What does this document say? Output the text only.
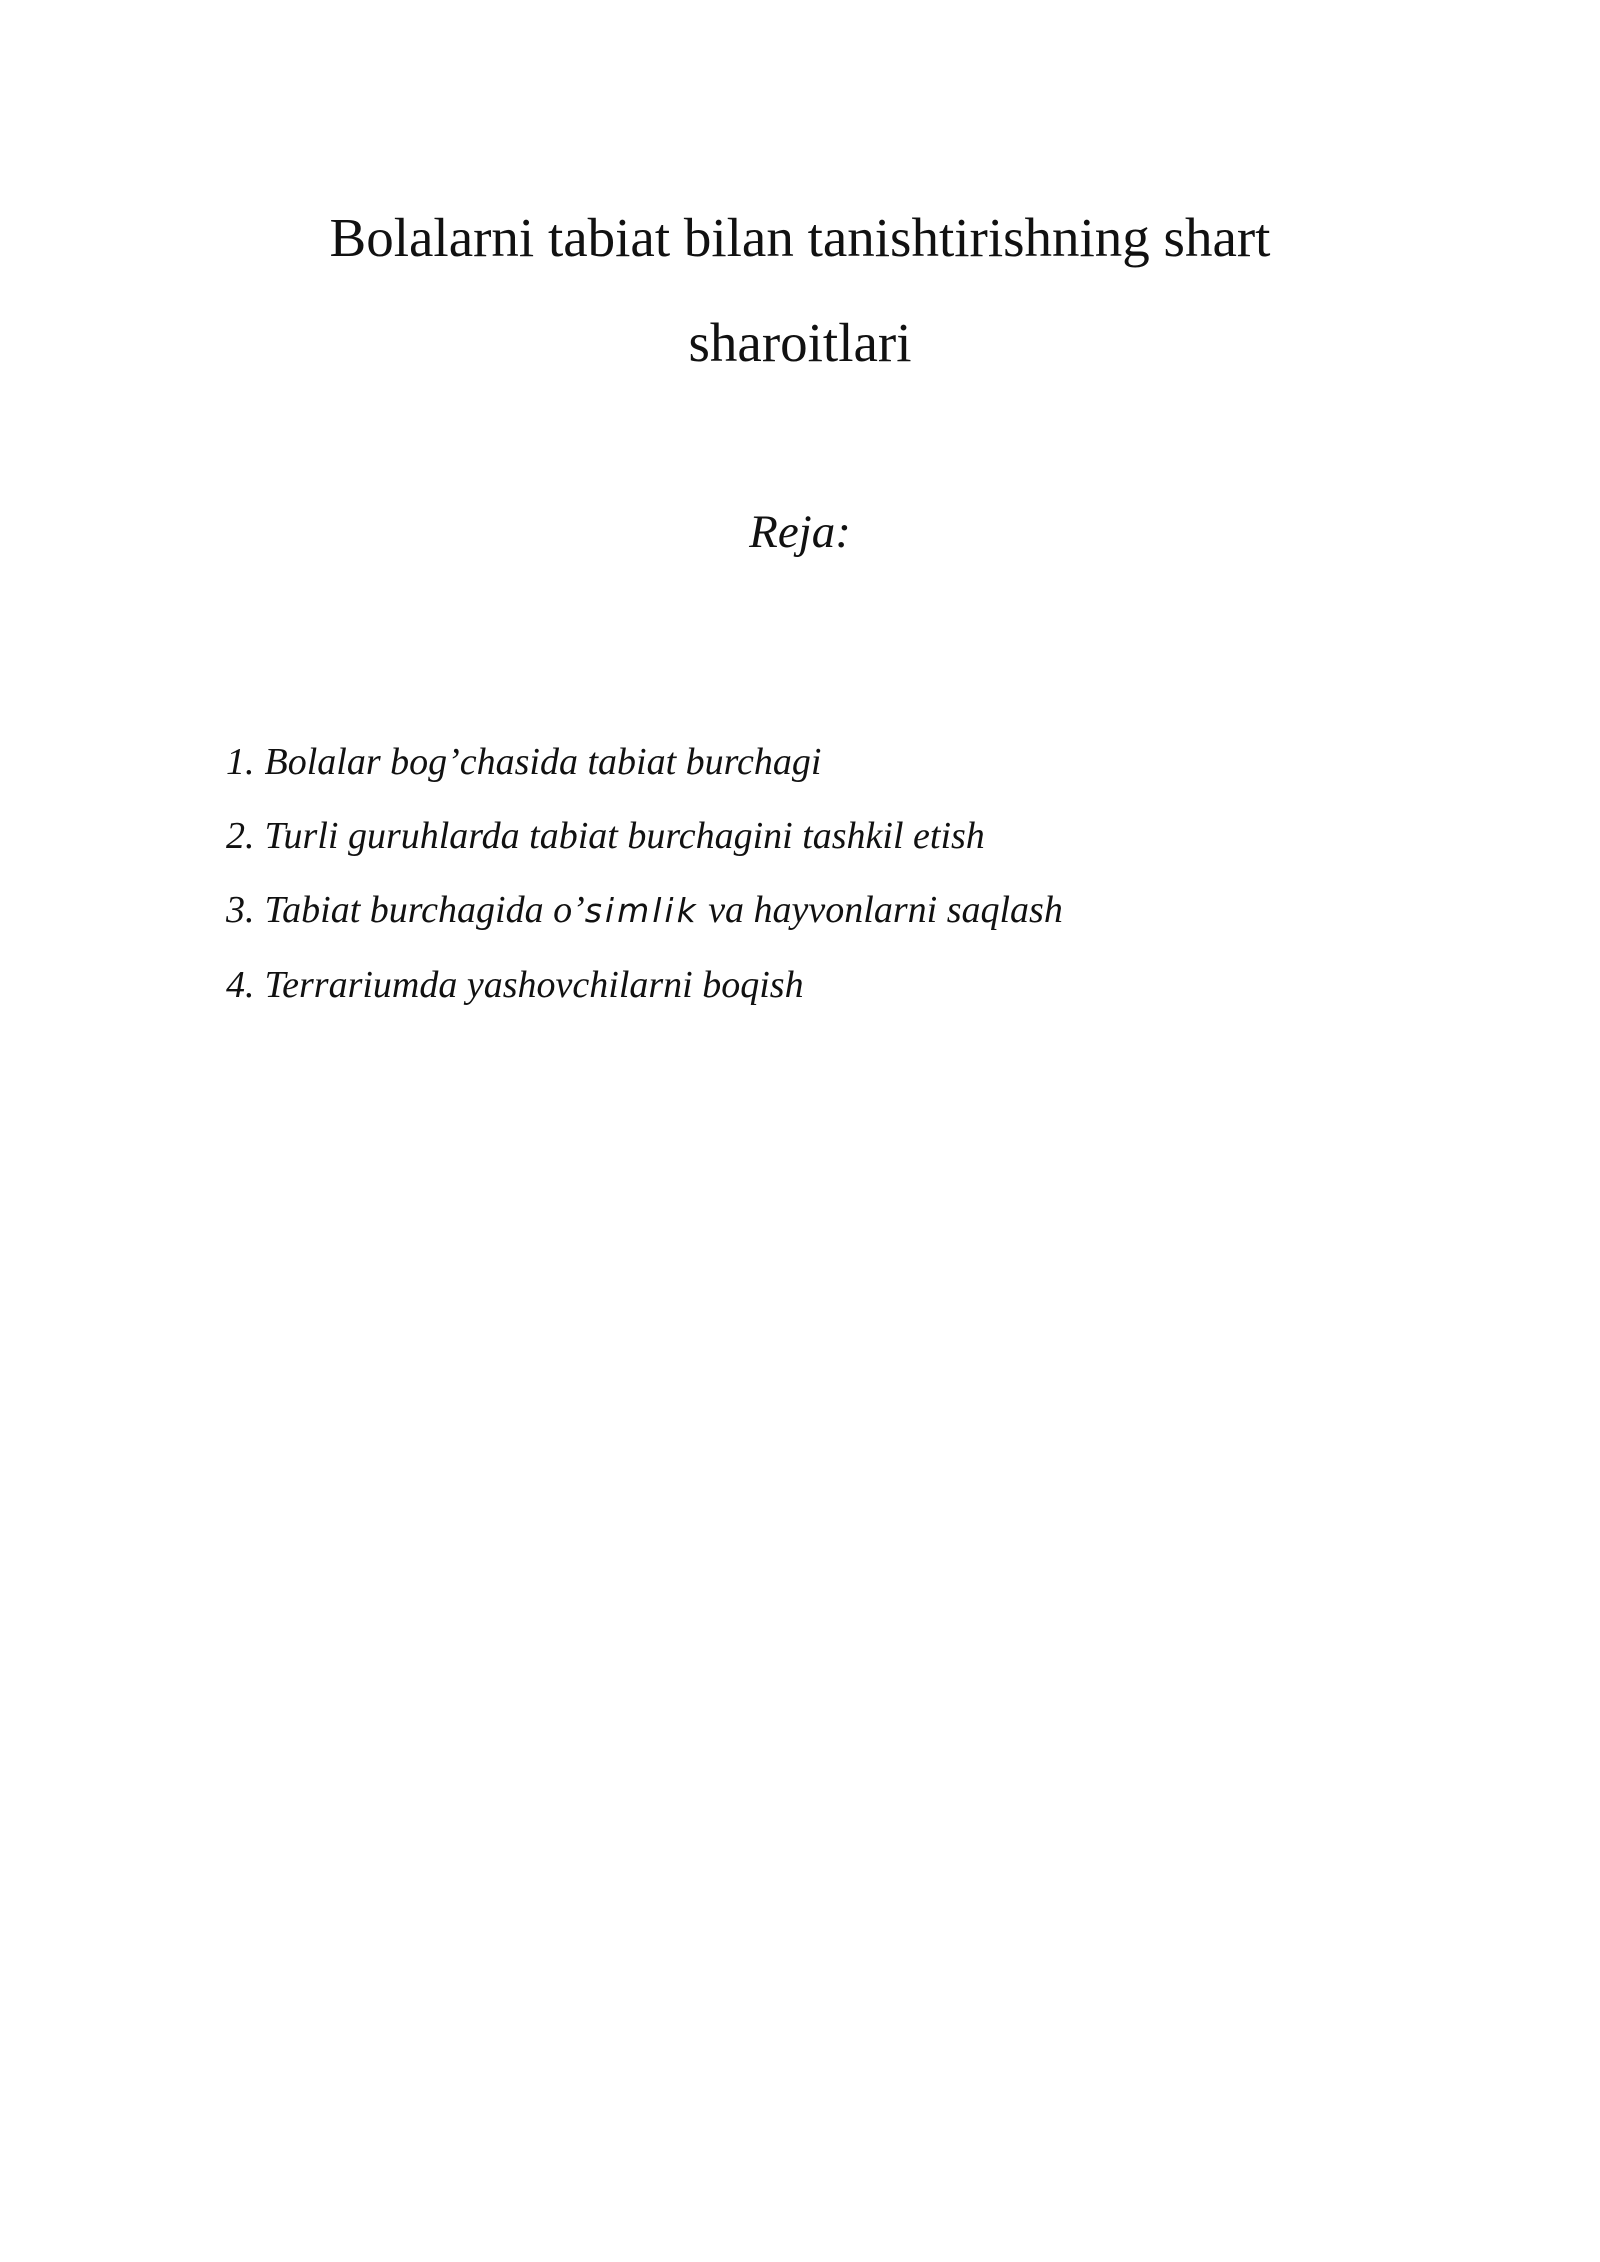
Bolalarni tabiat bilan tanishtirishning shart
sharoitlari
Reja:
1. Bolalar bog’chasida tabiat burchagi
2. Turli guruhlarda tabiat burchagini tashkil etish
3. Tabiat burchagida o’simlik va hayvonlarni saqlash
4. Terrariumda yashovchilarni boqish
